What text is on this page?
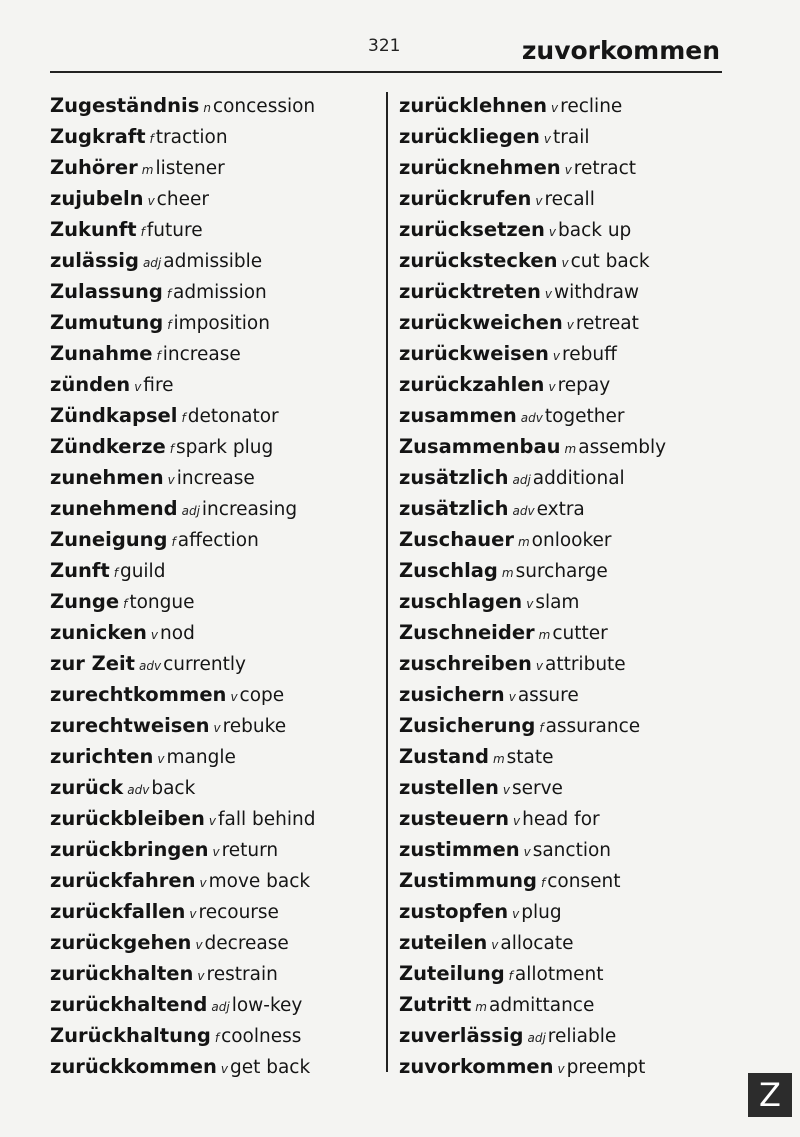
321	zuvorkommen
Zugeständnis n concession
Zugkraft f traction
Zuhörer m listener
zujubeln v cheer
Zukunft f future
zulässig adj admissible
Zulassung f admission
Zumutung f imposition
Zunahme f increase
zünden v fire
Zündkapsel f detonator
Zündkerze f spark plug
zunehmen v increase
zunehmend adj increasing
Zuneigung f affection
Zunft f guild
Zunge f tongue
zunicken v nod
zur Zeit adv currently
zurechtkommen v cope
zurechtweisen v rebuke
zurichten v mangle
zurück adv back
zurückbleiben v fall behind
zurückbringen v return
zurückfahren v move back
zurückfallen v recourse
zurückgehen v decrease
zurückhalten v restrain
zurückhaltend adj low-key
Zurückhaltung f coolness
zurückkommen v get back
zurücklehnen v recline
zurückliegen v trail
zurücknehmen v retract
zurückrufen v recall
zurücksetzen v back up
zurückstecken v cut back
zurücktreten v withdraw
zurückweichen v retreat
zurückweisen v rebuff
zurückzahlen v repay
zusammen adv together
Zusammenbau m assembly
zusätzlich adj additional
zusätzlich adv extra
Zuschauer m onlooker
Zuschlag m surcharge
zuschlagen v slam
Zuschneider m cutter
zuschreiben v attribute
zusichern v assure
Zusicherung f assurance
Zustand m state
zustellen v serve
zusteuern v head for
zustimmen v sanction
Zustimmung f consent
zustopfen v plug
zuteilen v allocate
Zuteilung f allotment
Zutritt m admittance
zuverlässig adj reliable
zuvorkommen v preempt
Z
